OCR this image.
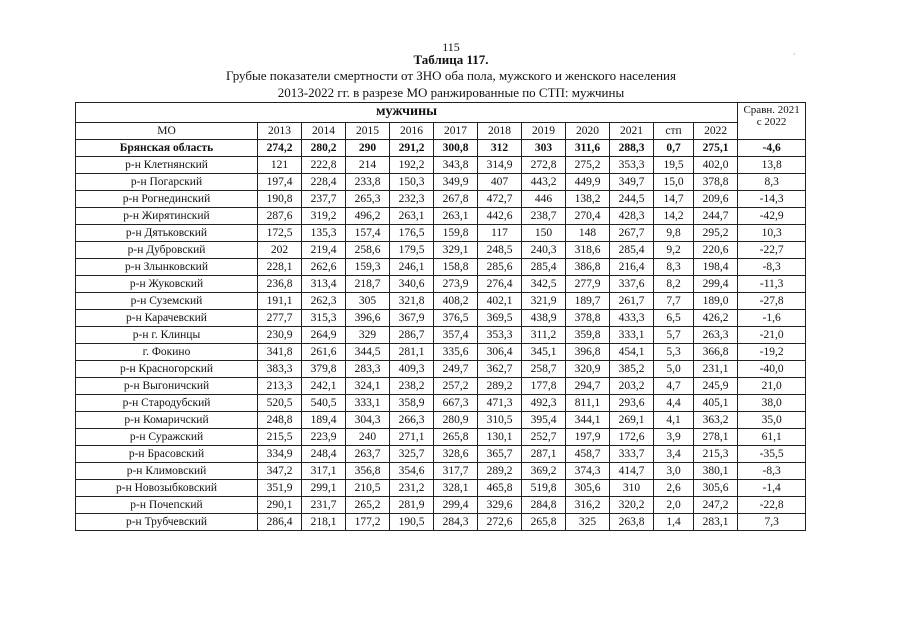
115
Таблица 117.
Грубые показатели смертности от ЗНО оба пола, мужского и женского населения
2013-2022 гг. в разрезе МО ранжированные по СТП: мужчины
·
мужчины												Сравн. 2021 с 2022
МО	2013	2014	2015	2016	2017	2018	2019	2020	2021	стп	2022	
Брянская область	274,2	280,2	290	291,2	300,8	312	303	311,6	288,3	0,7	275,1	-4,6
р-н Клетнянский	121	222,8	214	192,2	343,8	314,9	272,8	275,2	353,3	19,5	402,0	13,8
р-н Погарский	197,4	228,4	233,8	150,3	349,9	407	443,2	449,9	349,7	15,0	378,8	8,3
р-н Рогнединский	190,8	237,7	265,3	232,3	267,8	472,7	446	138,2	244,5	14,7	209,6	-14,3
р-н Жирятинский	287,6	319,2	496,2	263,1	263,1	442,6	238,7	270,4	428,3	14,2	244,7	-42,9
р-н Дятьковский	172,5	135,3	157,4	176,5	159,8	117	150	148	267,7	9,8	295,2	10,3
р-н Дубровский	202	219,4	258,6	179,5	329,1	248,5	240,3	318,6	285,4	9,2	220,6	-22,7
р-н Злынковский	228,1	262,6	159,3	246,1	158,8	285,6	285,4	386,8	216,4	8,3	198,4	-8,3
р-н Жуковский	236,8	313,4	218,7	340,6	273,9	276,4	342,5	277,9	337,6	8,2	299,4	-11,3
р-н Суземский	191,1	262,3	305	321,8	408,2	402,1	321,9	189,7	261,7	7,7	189,0	-27,8
р-н Карачевский	277,7	315,3	396,6	367,9	376,5	369,5	438,9	378,8	433,3	6,5	426,2	-1,6
р-н г. Клинцы	230,9	264,9	329	286,7	357,4	353,3	311,2	359,8	333,1	5,7	263,3	-21,0
г. Фокино	341,8	261,6	344,5	281,1	335,6	306,4	345,1	396,8	454,1	5,3	366,8	-19,2
р-н Красногорский	383,3	379,8	283,3	409,3	249,7	362,7	258,7	320,9	385,2	5,0	231,1	-40,0
р-н Выгоничский	213,3	242,1	324,1	238,2	257,2	289,2	177,8	294,7	203,2	4,7	245,9	21,0
р-н Стародубский	520,5	540,5	333,1	358,9	667,3	471,3	492,3	811,1	293,6	4,4	405,1	38,0
р-н Комаричский	248,8	189,4	304,3	266,3	280,9	310,5	395,4	344,1	269,1	4,1	363,2	35,0
р-н Суражский	215,5	223,9	240	271,1	265,8	130,1	252,7	197,9	172,6	3,9	278,1	61,1
р-н Брасовский	334,9	248,4	263,7	325,7	328,6	365,7	287,1	458,7	333,7	3,4	215,3	-35,5
р-н Климовский	347,2	317,1	356,8	354,6	317,7	289,2	369,2	374,3	414,7	3,0	380,1	-8,3
р-н Новозыбковский	351,9	299,1	210,5	231,2	328,1	465,8	519,8	305,6	310	2,6	305,6	-1,4
р-н Почепский	290,1	231,7	265,2	281,9	299,4	329,6	284,8	316,2	320,2	2,0	247,2	-22,8
р-н Трубчевский	286,4	218,1	177,2	190,5	284,3	272,6	265,8	325	263,8	1,4	283,1	7,3
